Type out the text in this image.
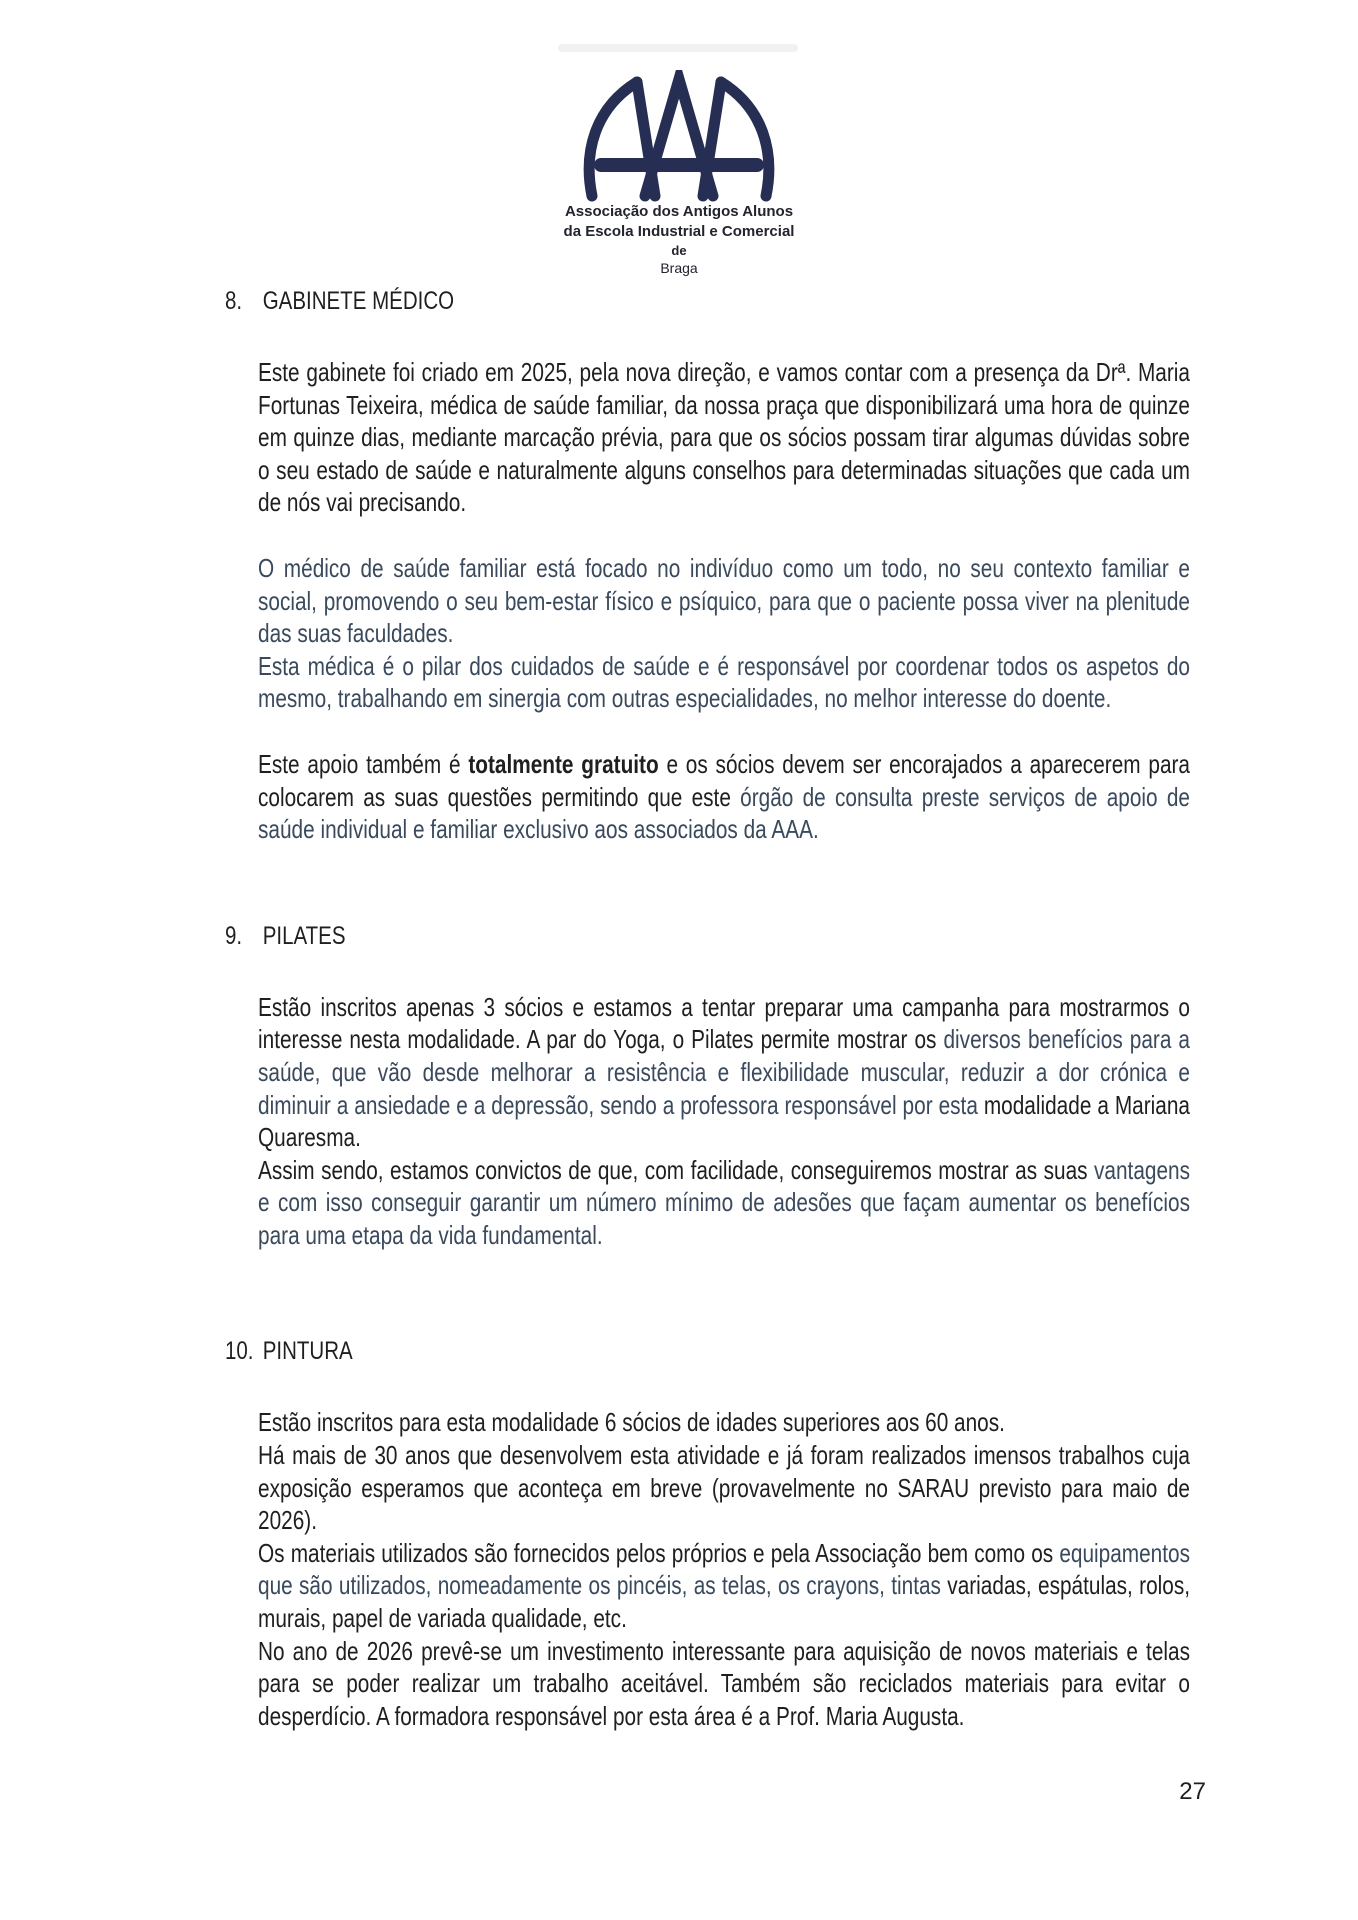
Associação dos Antigos Alunos
da Escola Industrial e Comercial
de
Braga
8. GABINETE MÉDICO

Este gabinete foi criado em 2025, pela nova direção, e vamos contar com a presença da Drª. Maria Fortunas Teixeira, médica de saúde familiar, da nossa praça que disponibilizará uma hora de quinze em quinze dias, mediante marcação prévia, para que os sócios possam tirar algumas dúvidas sobre o seu estado de saúde e naturalmente alguns conselhos para determinadas situações que cada um de nós vai precisando.

O médico de saúde familiar está focado no indivíduo como um todo, no seu contexto familiar e social, promovendo o seu bem-estar físico e psíquico, para que o paciente possa viver na plenitude das suas faculdades.

Esta médica é o pilar dos cuidados de saúde e é responsável por coordenar todos os aspetos do mesmo, trabalhando em sinergia com outras especialidades, no melhor interesse do doente.

Este apoio também é totalmente gratuito e os sócios devem ser encorajados a aparecerem para colocarem as suas questões permitindo que este órgão de consulta preste serviços de apoio de saúde individual e familiar exclusivo aos associados da AAA.

9. PILATES

Estão inscritos apenas 3 sócios e estamos a tentar preparar uma campanha para mostrarmos o interesse nesta modalidade. A par do Yoga, o Pilates permite mostrar os diversos benefícios para a saúde, que vão desde melhorar a resistência e flexibilidade muscular, reduzir a dor crónica e diminuir a ansiedade e a depressão, sendo a professora responsável por esta modalidade a Mariana Quaresma.

Assim sendo, estamos convictos de que, com facilidade, conseguiremos mostrar as suas vantagens e com isso conseguir garantir um número mínimo de adesões que façam aumentar os benefícios para uma etapa da vida fundamental.

10. PINTURA

Estão inscritos para esta modalidade 6 sócios de idades superiores aos 60 anos.

Há mais de 30 anos que desenvolvem esta atividade e já foram realizados imensos trabalhos cuja exposição esperamos que aconteça em breve (provavelmente no SARAU previsto para maio de 2026).

Os materiais utilizados são fornecidos pelos próprios e pela Associação bem como os equipamentos que são utilizados, nomeadamente os pincéis, as telas, os crayons, tintas variadas, espátulas, rolos, murais, papel de variada qualidade, etc.

No ano de 2026 prevê-se um investimento interessante para aquisição de novos materiais e telas para se poder realizar um trabalho aceitável. Também são reciclados materiais para evitar o desperdício. A formadora responsável por esta área é a Prof. Maria Augusta.

27
